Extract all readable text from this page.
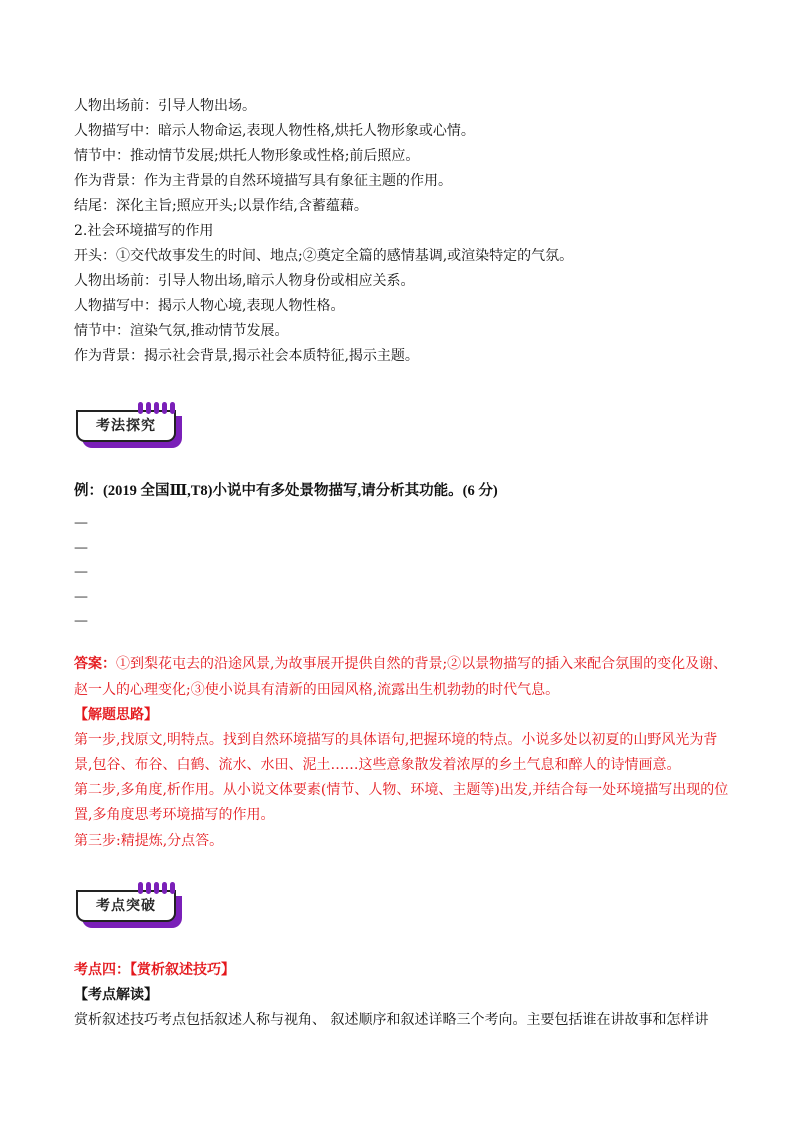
人物出场前：引导人物出场。
人物描写中：暗示人物命运,表现人物性格,烘托人物形象或心情。
情节中：推动情节发展;烘托人物形象或性格;前后照应。
作为背景：作为主背景的自然环境描写具有象征主题的作用。
结尾：深化主旨;照应开头;以景作结,含蓄蕴藉。
2.社会环境描写的作用
开头：①交代故事发生的时间、地点;②奠定全篇的感情基调,或渲染特定的气氛。
人物出场前：引导人物出场,暗示人物身份或相应关系。
人物描写中：揭示人物心境,表现人物性格。
情节中：渲染气氛,推动情节发展。
作为背景：揭示社会背景,揭示社会本质特征,揭示主题。
考法探究
例：(2019 全国Ⅲ,T8)小说中有多处景物描写,请分析其功能。(6 分)
—
—
—
—
—
答案：①到梨花屯去的沿途风景,为故事展开提供自然的背景;②以景物描写的插入来配合氛围的变化及谢、
赵一人的心理变化;③使小说具有清新的田园风格,流露出生机勃勃的时代气息。
【解题思路】
第一步,找原文,明特点。找到自然环境描写的具体语句,把握环境的特点。小说多处以初夏的山野风光为背
景,包谷、布谷、白鹤、流水、水田、泥土……这些意象散发着浓厚的乡土气息和醉人的诗情画意。
第二步,多角度,析作用。从小说文体要素(情节、人物、环境、主题等)出发,并结合每一处环境描写出现的位
置,多角度思考环境描写的作用。
第三步:精提炼,分点答。
考点突破
考点四：【赏析叙述技巧】
【考点解读】
赏析叙述技巧考点包括叙述人称与视角、 叙述顺序和叙述详略三个考向。主要包括谁在讲故事和怎样讲
